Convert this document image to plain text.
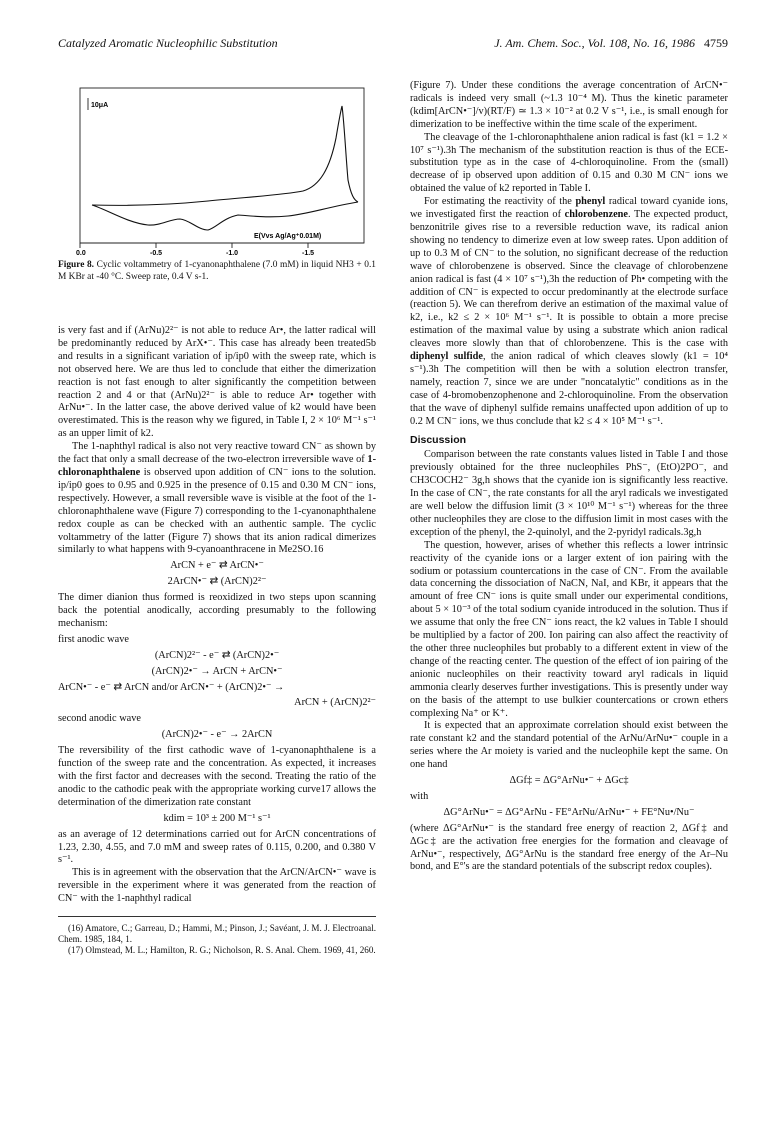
Catalyzed Aromatic Nucleophilic Substitution	J. Am. Chem. Soc., Vol. 108, No. 16, 1986 4759
10μA
E(Vvs Ag/Ag⁺0.01M)
0.0	-0.5	-1.0	-1.5
Figure 8. Cyclic voltammetry of 1-cyanonaphthalene (7.0 mM) in liquid NH3 + 0.1 M KBr at -40 °C. Sweep rate, 0.4 V s-1.

is very fast and if (ArNu)2²⁻ is not able to reduce Ar•, the latter radical will be predominantly reduced by ArX•⁻. This case has already been treated5b and results in a significant variation of ip/ip0 with the sweep rate, which is not observed here. We are thus led to conclude that either the dimerization reaction is not fast enough to alter significantly the competition between reaction 2 and 4 or that (ArNu)2²⁻ is able to reduce Ar• together with ArNu•⁻. In the latter case, the above derived value of k2 would have been overestimated. This is the reason why we figured, in Table I, 2 × 10⁶ M⁻¹ s⁻¹ as an upper limit of k2.

The 1-naphthyl radical is also not very reactive toward CN⁻ as shown by the fact that only a small decrease of the two-electron irreversible wave of 1-chloronaphthalene is observed upon addition of CN⁻ ions to the solution. ip/ip0 goes to 0.95 and 0.925 in the presence of 0.15 and 0.30 M CN⁻ ions, respectively. However, a small reversible wave is visible at the foot of the 1-chloronaphthalene wave (Figure 7) corresponding to the 1-cyanonaphthalene redox couple as can be checked with an authentic sample. The cyclic voltammetry of the latter (Figure 7) shows that its anion radical dimerizes similarly to what happens with 9-cyanoanthracene in Me2SO.16

ArCN + e⁻ ⇄ ArCN•⁻
2ArCN•⁻ ⇄ (ArCN)2²⁻

The dimer dianion thus formed is reoxidized in two steps upon scanning back the potential anodically, according presumably to the following mechanism:

first anodic wave
(ArCN)2²⁻ - e⁻ ⇄ (ArCN)2•⁻
(ArCN)2•⁻ → ArCN + ArCN•⁻
ArCN•⁻ - e⁻ ⇄ ArCN and/or ArCN•⁻ + (ArCN)2•⁻ →
ArCN + (ArCN)2²⁻
second anodic wave
(ArCN)2•⁻ - e⁻ → 2ArCN

The reversibility of the first cathodic wave of 1-cyanonaphthalene is a function of the sweep rate and the concentration. As expected, it increases with the first factor and decreases with the second. Treating the ratio of the anodic to the cathodic peak with the appropriate working curve17 allows the determination of the dimerization rate constant

kdim = 10³ ± 200 M⁻¹ s⁻¹

as an average of 12 determinations carried out for ArCN concentrations of 1.23, 2.30, 4.55, and 7.0 mM and sweep rates of 0.115, 0.200, and 0.380 V s⁻¹.

This is in agreement with the observation that the ArCN/ArCN•⁻ wave is reversible in the experiment where it was generated from the reaction of CN⁻ with the 1-naphthyl radical

(16) Amatore, C.; Garreau, D.; Hammi, M.; Pinson, J.; Savéant, J. M. J. Electroanal. Chem. 1985, 184, 1.

(17) Olmstead, M. L.; Hamilton, R. G.; Nicholson, R. S. Anal. Chem. 1969, 41, 260.

(Figure 7). Under these conditions the average concentration of ArCN•⁻ radicals is indeed very small (~1.3 10⁻⁴ M). Thus the kinetic parameter (kdim[ArCN•⁻]/v)(RT/F) ≃ 1.3 × 10⁻² at 0.2 V s⁻¹, i.e., is small enough for dimerization to be ineffective within the time scale of the experiment.

The cleavage of the 1-chloronaphthalene anion radical is fast (k1 = 1.2 × 10⁷ s⁻¹).3h The mechanism of the substitution reaction is thus of the ECE-substitution type as in the case of 4-chloroquinoline. From the (small) decrease of ip observed upon addition of 0.15 and 0.30 M CN⁻ ions we obtained the value of k2 reported in Table I.

For estimating the reactivity of the phenyl radical toward cyanide ions, we investigated first the reaction of chlorobenzene. The expected product, benzonitrile gives rise to a reversible reduction wave, its radical anion showing no tendency to dimerize even at low sweep rates. Upon addition of up to 0.3 M of CN⁻ to the solution, no significant decrease of the reduction wave of chlorobenzene is observed. Since the cleavage of chlorobenzene anion radical is fast (4 × 10⁷ s⁻¹),3h the reduction of Ph• competing with the addition of CN⁻ is expected to occur predominantly at the electrode surface (reaction 5). We can therefrom derive an estimation of the maximal value of k2, i.e., k2 ≤ 2 × 10⁶ M⁻¹ s⁻¹. It is possible to obtain a more precise estimation of the maximal value by using a substrate which anion radical cleaves more slowly than that of chlorobenzene. This is the case with diphenyl sulfide, the anion radical of which cleaves slowly (k1 = 10⁴ s⁻¹).3h The competition will then be with a solution electron transfer, namely, reaction 7, since we are under "noncatalytic" conditions as in the case of 4-bromobenzophenone and 2-chloroquinoline. From the observation that the wave of diphenyl sulfide remains unaffected upon addition of up to 0.2 M CN⁻ ions, we thus conclude that k2 ≤ 4 × 10⁵ M⁻¹ s⁻¹.

Discussion

Comparison between the rate constants values listed in Table I and those previously obtained for the three nucleophiles PhS⁻, (EtO)2PO⁻, and CH3COCH2⁻ 3g,h shows that the cyanide ion is significantly less reactive. In the case of CN⁻, the rate constants for all the aryl radicals we investigated are well below the diffusion limit (3 × 10¹⁰ M⁻¹ s⁻¹) whereas for the three other nucleophiles they are close to the diffusion limit in most cases with the exception of the phenyl, the 2-quinolyl, and the 2-pyridyl radicals.3g,h

The question, however, arises of whether this reflects a lower intrinsic reactivity of the cyanide ions or a larger extent of ion pairing with the sodium or potassium countercations in the case of CN⁻. From the available data concerning the dissociation of NaCN, NaI, and KBr, it appears that the amount of free CN⁻ ions is quite small under our experimental conditions, about 5 × 10⁻³ of the total sodium cyanide introduced in the solution. Thus if we assume that only the free CN⁻ ions react, the k2 values in Table I should be multiplied by a factor of 200. Ion pairing can also affect the reactivity of the other three nucleophiles but probably to a different extent in view of the change of the reacting center. The question of the effect of ion pairing of the anionic nucleophiles on their reactivity toward aryl radicals in liquid ammonia clearly deserves further investigations. This is presently under way on the basis of the attempt to use bulkier countercations or crown ethers complexing Na⁺ or K⁺.

It is expected that an approximate correlation should exist between the rate constant k2 and the standard potential of the ArNu/ArNu•⁻ couple in a series where the Ar moiety is varied and the nucleophile kept the same. On one hand

ΔGf‡ = ΔG°ArNu•⁻ + ΔGc‡
with
ΔG°ArNu•⁻ = ΔG°ArNu - FE°ArNu/ArNu•⁻ + FE°Nu•/Nu⁻

(where ΔG°ArNu•⁻ is the standard free energy of reaction 2, ΔGf‡ and ΔGc‡ are the activation free energies for the formation and cleavage of ArNu•⁻, respectively, ΔG°ArNu is the standard free energy of the Ar–Nu bond, and E°'s are the standard potentials of the subscript redox couples).
